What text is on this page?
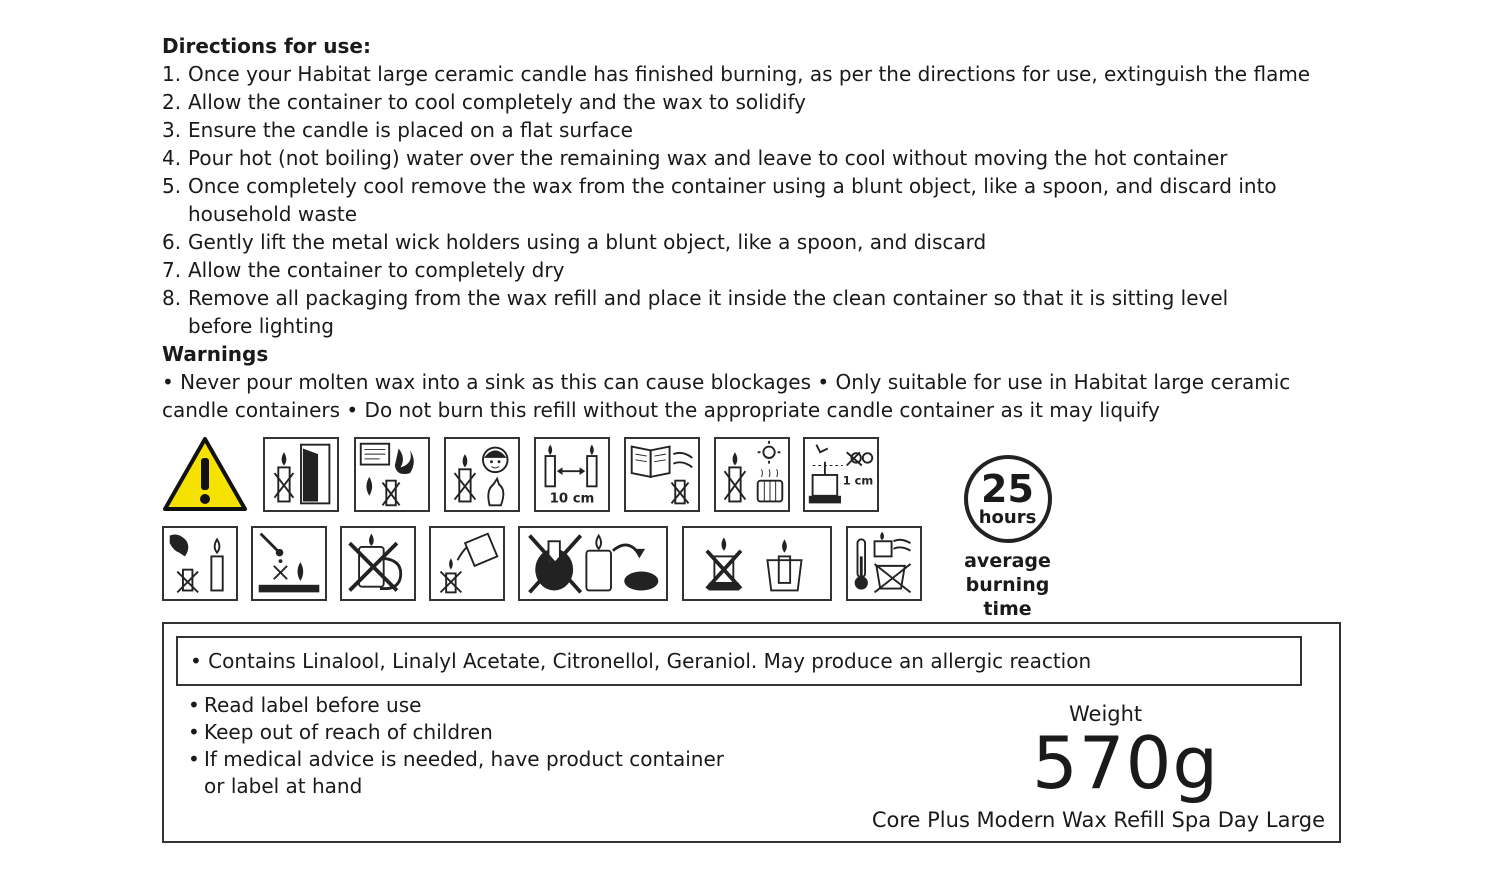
Directions for use:
1. Once your Habitat large ceramic candle has finished burning, as per the directions for use, extinguish the flame
2. Allow the container to cool completely and the wax to solidify
3. Ensure the candle is placed on a flat surface
4. Pour hot (not boiling) water over the remaining wax and leave to cool without moving the hot container
5. Once completely cool remove the wax from the container using a blunt object, like a spoon, and discard into household waste
6. Gently lift the metal wick holders using a blunt object, like a spoon, and discard
7. Allow the container to completely dry
8. Remove all packaging from the wax refill and place it inside the clean container so that it is sitting level before lighting
Warnings
• Never pour molten wax into a sink as this can cause blockages • Only suitable for use in Habitat large ceramic candle containers • Do not burn this refill without the appropriate candle container as it may liquify
10 cm
1 cm	25
hours
average
burning time
• Contains Linalool, Linalyl Acetate, Citronellol, Geraniol. May produce an allergic reaction
• Read label before use
• Keep out of reach of children
• If medical advice is needed, have product container or label at hand
Weight
570g
Core Plus Modern Wax Refill Spa Day Large
